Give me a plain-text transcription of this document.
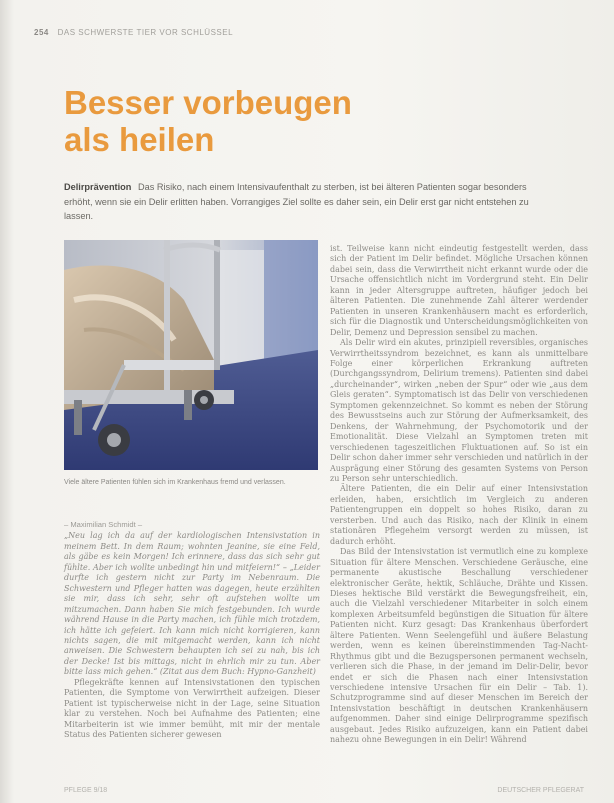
254 DAS SCHWERSTE TIER VOR SCHLÜSSEL
Besser vorbeugen
als heilen
Delirprävention Das Risiko, nach einem Intensivaufenthalt zu sterben, ist bei älteren Patienten sogar besonders erhöht, wenn sie ein Delir erlitten haben. Vorrangiges Ziel sollte es daher sein, ein Delir erst gar nicht entstehen zu lassen.
Viele ältere Patienten fühlen sich im Krankenhaus fremd und verlassen.

– Maximilian Schmidt –

„Neu lag ich da auf der kardiologischen Intensivstation in meinem Bett. In dem Raum; wohnten Jeanine, sie eine Feld, als gäbe es kein Morgen! Ich erinnere, dass das sich sehr gut fühlte. Aber ich wollte unbedingt hin und mitfeiern!“ – „Leider durfte ich gestern nicht zur Party im Nebenraum. Die Schwestern und Pfleger hatten was dagegen, heute erzählten sie mir, dass ich sehr, sehr oft aufstehen wollte um mitzumachen. Dann haben Sie mich festgebunden. Ich wurde während Hause in die Party machen, ich fühle mich trotzdem, ich hätte ich gefeiert. Ich kann mich nicht korrigieren, kann nichts sagen, die mit mitgemacht werden, kann ich nicht anweisen. Die Schwestern behaupten ich sei zu nah, bis ich der Decke! Ist bis mittags, nicht in ehrlich mir zu tun. Aber bitte lass mich gehen.“ (Zitat aus dem Buch: Hypno-Ganzheit)

Pflegekräfte kennen auf Intensivstationen den typischen Patienten, die Symptome von Verwirrtheit aufzeigen. Dieser Patient ist typischerweise nicht in der Lage, seine Situation klar zu verstehen. Noch bei Aufnahme des Patienten; eine Mitarbeiterin ist wie immer bemüht, mit mir der mentale Status des Patienten sicherer gewesen

ist. Teilweise kann nicht eindeutig festgestellt werden, dass sich der Patient im Delir befindet. Mögliche Ursachen können dabei sein, dass die Verwirrtheit nicht erkannt wurde oder die Ursache offensichtlich nicht im Vordergrund steht. Ein Delir kann in jeder Altersgruppe auftreten, häufiger jedoch bei älteren Patienten. Die zunehmende Zahl älterer werdender Patienten in unseren Krankenhäusern macht es erforderlich, sich für die Diagnostik und Unterscheidungsmöglichkeiten von Delir, Demenz und Depression sensibel zu machen.

Als Delir wird ein akutes, prinzipiell reversibles, organisches Verwirrtheitssyndrom bezeichnet, es kann als unmittelbare Folge einer körperlichen Erkrankung auftreten (Durchgangssyndrom, Delirium tremens). Patienten sind dabei „durcheinander“, wirken „neben der Spur“ oder wie „aus dem Gleis geraten“. Symptomatisch ist das Delir von verschiedenen Symptomen gekennzeichnet. So kommt es neben der Störung des Bewusstseins auch zur Störung der Aufmerksamkeit, des Denkens, der Wahrnehmung, der Psychomotorik und der Emotionalität. Diese Vielzahl an Symptomen treten mit verschiedenen tageszeitlichen Fluktuationen auf. So ist ein Delir schon daher immer sehr verschieden und natürlich in der Ausprägung einer Störung des gesamten Systems von Person zu Person sehr unterschiedlich.

Ältere Patienten, die ein Delir auf einer Intensivstation erleiden, haben, ersichtlich im Vergleich zu anderen Patientengruppen ein doppelt so hohes Risiko, daran zu versterben. Und auch das Risiko, nach der Klinik in einem stationären Pflegeheim versorgt werden zu müssen, ist dadurch erhöht.

Das Bild der Intensivstation ist vermutlich eine zu komplexe Situation für ältere Menschen. Verschiedene Geräusche, eine permanente akustische Beschallung verschiedener elektronischer Geräte, hektik, Schläuche, Drähte und Kissen. Dieses hektische Bild verstärkt die Bewegungsfreiheit, ein, auch die Vielzahl verschiedener Mitarbeiter in solch einem komplexen Arbeitsumfeld begünstigen die Situation für ältere Patienten nicht. Kurz gesagt: Das Krankenhaus überfordert ältere Patienten. Wenn Seelengefühl und äußere Belastung werden, wenn es keinen übereinstimmenden Tag-Nacht-Rhythmus gibt und die Bezugspersonen permanent wechseln, verlieren sich die Phase, in der jemand im Delir-Delir, bevor endet er sich die Phasen nach einer Intensivstation verschiedene intensive Ursachen für ein Delir – Tab. 1). Schutzprogramme sind auf dieser Menschen im Bereich der Intensivstation beschäftigt in deutschen Krankenhäusern aufgenommen. Daher sind einige Delirprogramme spezifisch ausgebaut. Jedes Risiko aufzuzeigen, kann ein Patient dabei nahezu ohne Bewegungen in ein Delir! Während

PFLEGE 9/18	DEUTSCHER PFLEGERAT
